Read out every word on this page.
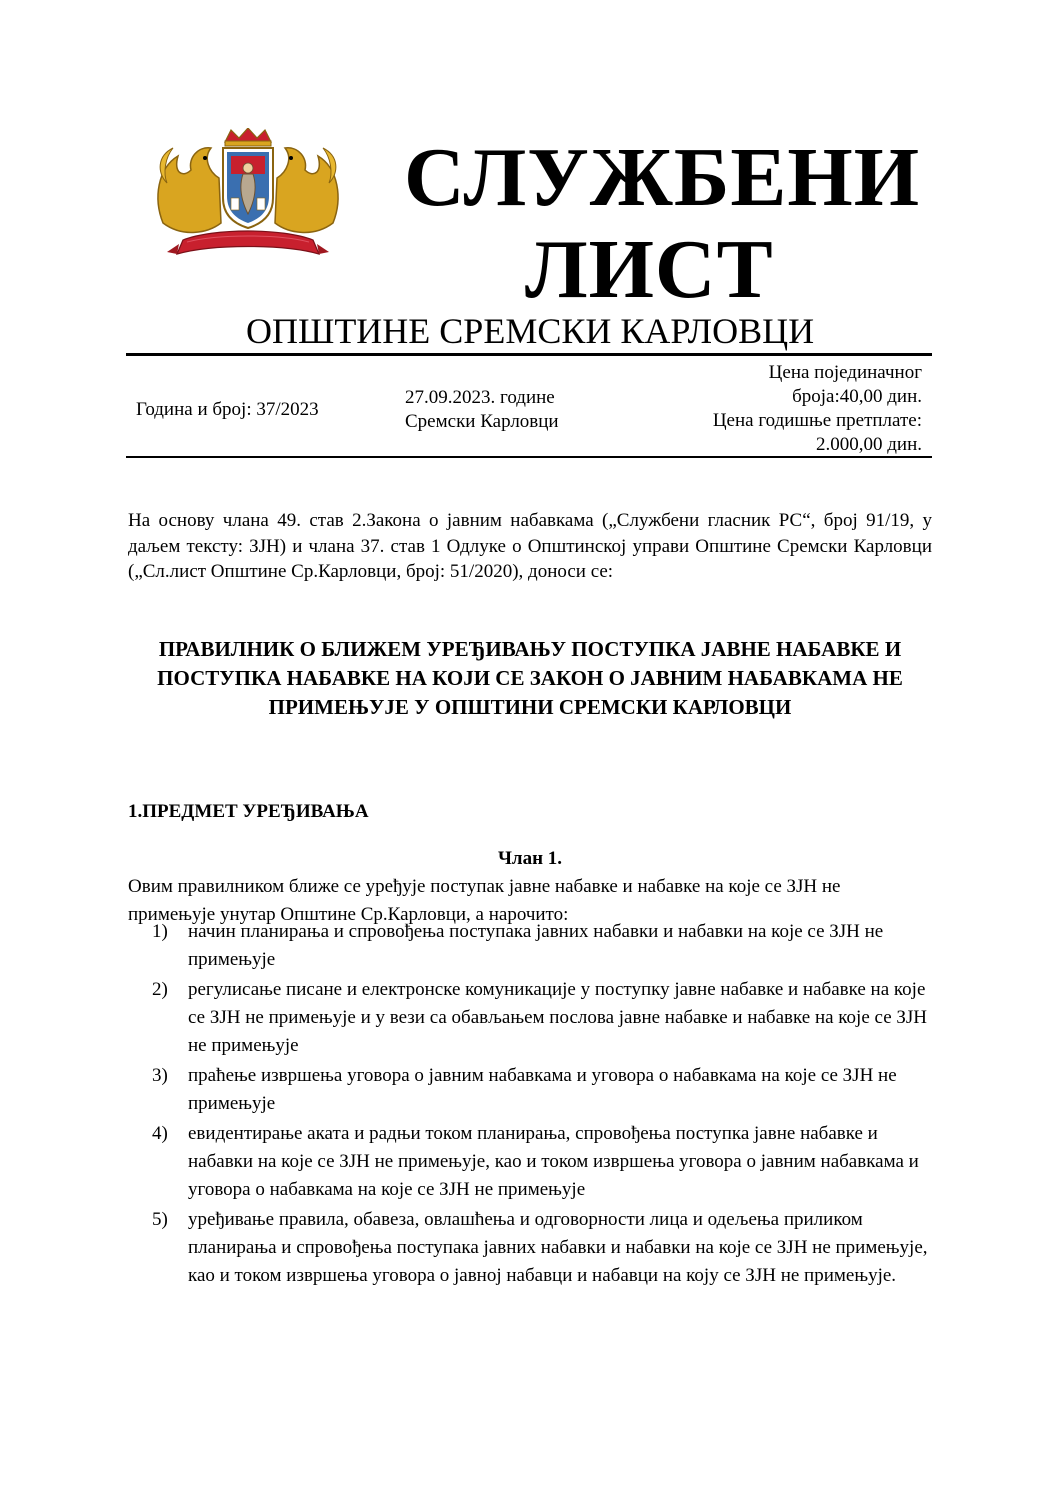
СЛУЖБЕНИ
ЛИСТ
ОПШТИНЕ СРЕМСКИ КАРЛОВЦИ
Година и број: 37/2023
27.09.2023. године
Сремски Карловци
Цена појединачног
броја:40,00 дин.
Цена годишње претплате:
2.000,00 дин.
На основу члана 49. став 2.Закона о јавним набавкама („Службени гласник РС“, број 91/19, у даљем тексту: ЗЈН) и члана 37. став 1 Одлуке о Општинској управи Општине Сремски Карловци („Сл.лист Општине Ср.Карловци, број: 51/2020), доноси се:
ПРАВИЛНИК О БЛИЖЕМ УРЕЂИВАЊУ ПОСТУПКА ЈАВНЕ НАБАВКЕ И ПОСТУПКА НАБАВКЕ НА КОЈИ СЕ ЗАКОН О ЈАВНИМ НАБАВКАМА НЕ ПРИМЕЊУЈЕ У ОПШТИНИ СРЕМСКИ КАРЛОВЦИ
1.ПРЕДМЕТ УРЕЂИВАЊА
Члан 1.
Овим правилником ближе се уређује поступак јавне набавке и набавке на које се ЗЈН не примењује унутар Општине Ср.Карловци, а нарочито:
1) начин планирања и спровођења поступака јавних набавки и набавки на које се ЗЈН не примењује
2) регулисање писане и електронске комуникације у поступку јавне набавке и набавке на које се ЗЈН не примењује и у вези са обављањем послова јавне набавке и набавке на које се ЗЈН не примењује
3) праћење извршења уговора о јавним набавкама и уговора о набавкама на које се ЗЈН не примењује
4) евидентирање аката и радњи током планирања, спровођења поступка јавне набавке и набавки на које се ЗЈН не примењује, као и током извршења уговора о јавним набавкама и уговора о набавкама на које се ЗЈН не примењује
5) уређивање правила, обавеза, овлашћења и одговорности лица и одељења приликом планирања и спровођења поступака јавних набавки и набавки на које се ЗЈН не примењује, као и током извршења уговора о јавној набавци и набавци на коју се ЗЈН не примењује.
